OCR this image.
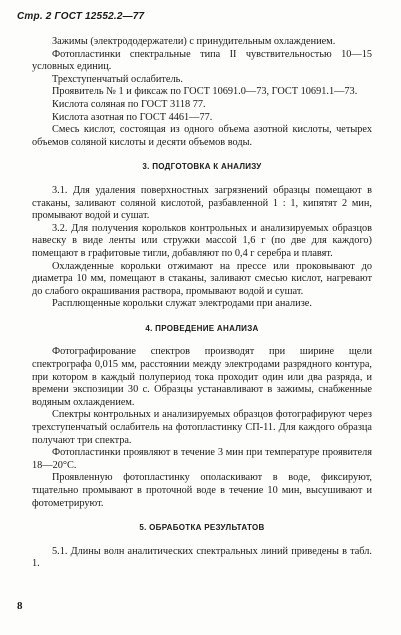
Стр. 2 ГОСТ 12552.2—77

Зажимы (электрододержатели) с принудительным охлаждением.

Фотопластинки спектральные типа II чувствительностью 10—15 условных единиц.

Трехступенчатый ослабитель.

Проявитель № 1 и фиксаж по ГОСТ 10691.0—73, ГОСТ 10691.1—73.

Кислота соляная по ГОСТ 3118 77.

Кислота азотная по ГОСТ 4461—77.

Смесь кислот, состоящая из одного объема азотной кислоты, четырех объемов соляной кислоты и десяти объемов воды.

3. ПОДГОТОВКА К АНАЛИЗУ

3.1. Для удаления поверхностных загрязнений образцы помещают в стаканы, заливают соляной кислотой, разбавленной 1 : 1, кипятят 2 мин, промывают водой и сушат.

3.2. Для получения корольков контрольных и анализируемых образцов навеску в виде ленты или стружки массой 1,6 г (по две для каждого) помещают в графитовые тигли, добавляют по 0,4 г серебра и плавят.

Охлажденные корольки отжимают на прессе или проковывают до диаметра 10 мм, помещают в стаканы, заливают смесью кислот, нагревают до слабого окрашивания раствора, промывают водой и сушат.

Расплющенные корольки служат электродами при анализе.

4. ПРОВЕДЕНИЕ АНАЛИЗА

Фотографирование спектров производят при ширине щели спектрографа 0,015 мм, расстоянии между электродами разрядного контура, при котором в каждый полупериод тока проходит один или два разряда, и времени экспозиции 30 с. Образцы устанавливают в зажимы, снабженные водяным охлаждением.

Спектры контрольных и анализируемых образцов фотографируют через трехступенчатый ослабитель на фотопластинку СП-11. Для каждого образца получают три спектра.

Фотопластинки проявляют в течение 3 мин при температуре проявителя 18—20°С.

Проявленную фотопластинку ополаскивают в воде, фиксируют, тщательно промывают в проточной воде в течение 10 мин, высушивают и фотометрируют.

5. ОБРАБОТКА РЕЗУЛЬТАТОВ

5.1. Длины волн аналитических спектральных линий приведены в табл. 1.

8
